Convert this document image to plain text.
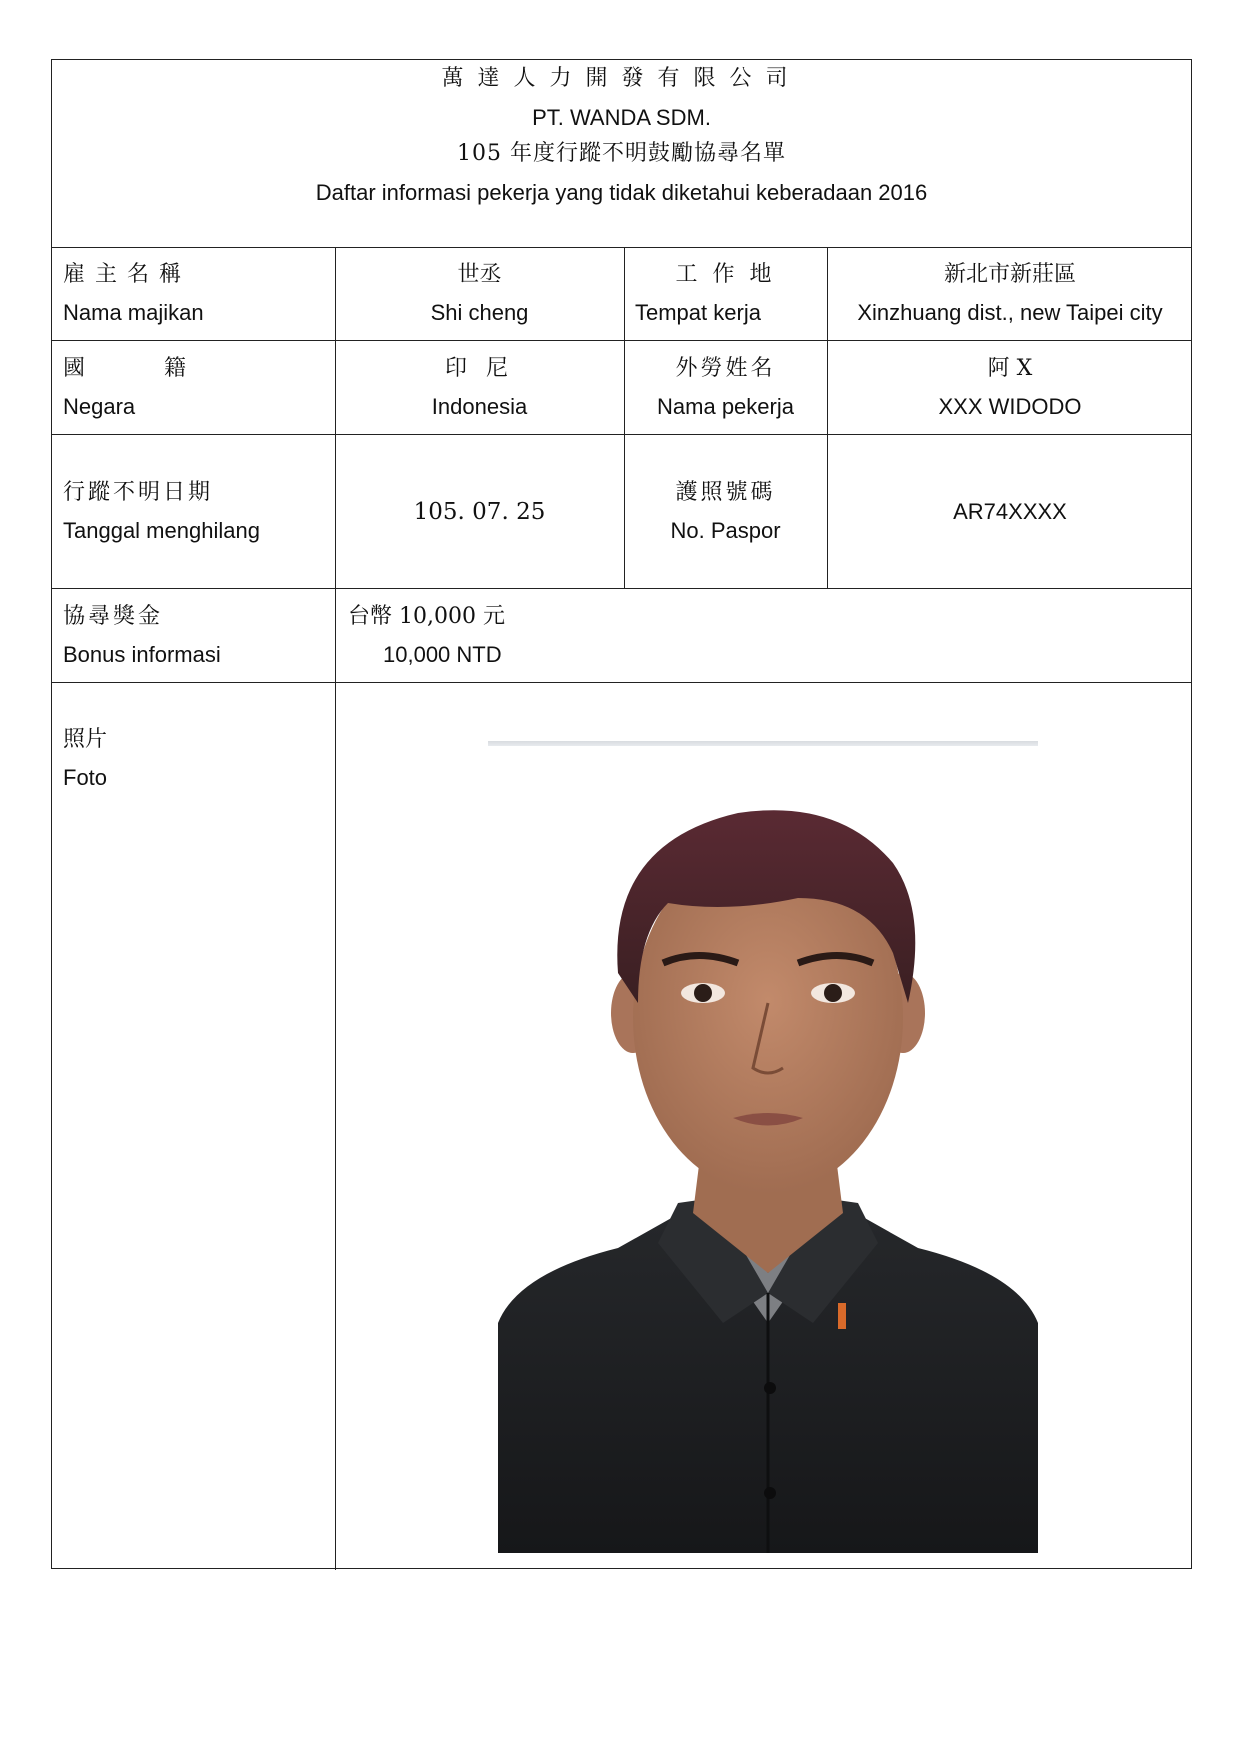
萬達人力開發有限公司
PT. WANDA SDM.
105 年度行蹤不明鼓勵協尋名單
Daftar informasi pekerja yang tidak diketahui keberadaan 2016
雇主名稱
Nama majikan
世丞
Shi cheng
工 作 地
Tempat kerja
新北市新莊區
Xinzhuang dist., new Taipei city
國 籍
Negara
印 尼
Indonesia
外勞姓名
Nama pekerja
阿 X
XXX WIDODO
行蹤不明日期
Tanggal menghilang
105. 07. 25
護照號碼
No. Paspor
AR74XXXX
協尋獎金
Bonus informasi
台幣 10,000 元
10,000 NTD
照片
Foto
